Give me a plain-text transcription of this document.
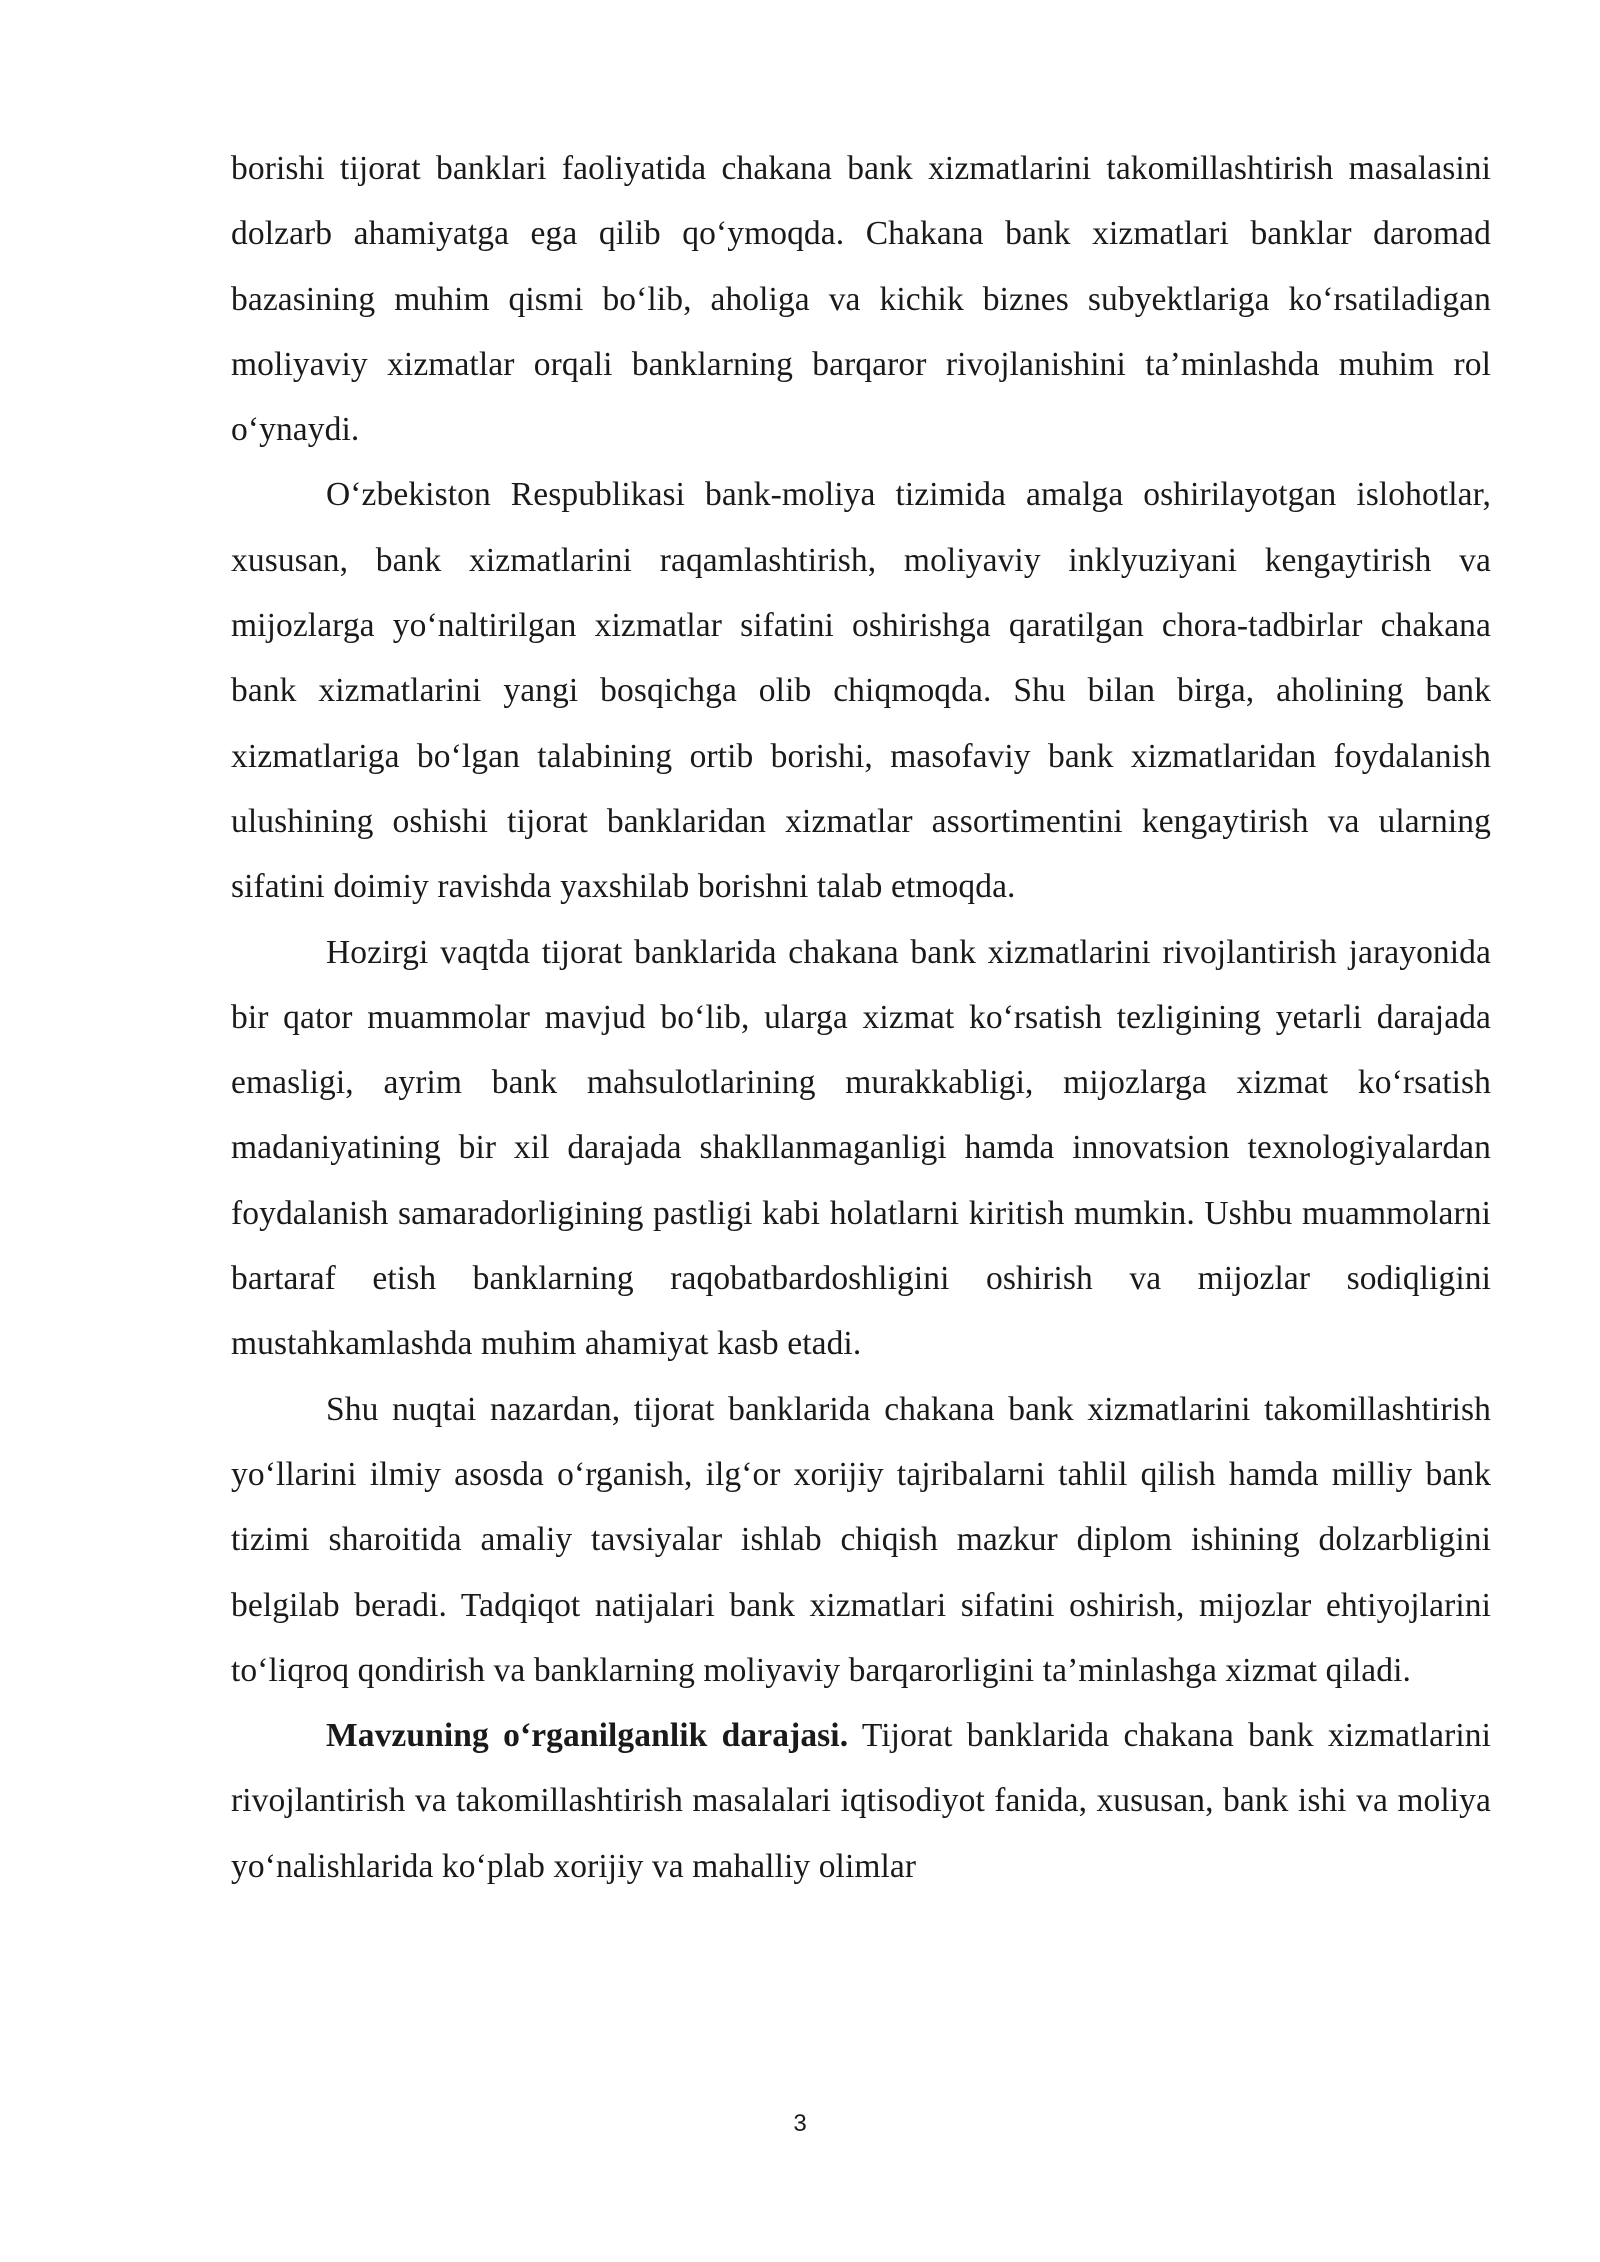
borishi tijorat banklari faoliyatida chakana bank xizmatlarini takomillashtirish masalasini dolzarb ahamiyatga ega qilib qo‘ymoqda. Chakana bank xizmatlari banklar daromad bazasining muhim qismi bo‘lib, aholiga va kichik biznes subyektlariga ko‘rsatiladigan moliyaviy xizmatlar orqali banklarning barqaror rivojlanishini ta’minlashda muhim rol o‘ynaydi.

O‘zbekiston Respublikasi bank-moliya tizimida amalga oshirilayotgan islohotlar, xususan, bank xizmatlarini raqamlashtirish, moliyaviy inklyuziyani kengaytirish va mijozlarga yo‘naltirilgan xizmatlar sifatini oshirishga qaratilgan chora-tadbirlar chakana bank xizmatlarini yangi bosqichga olib chiqmoqda. Shu bilan birga, aholining bank xizmatlariga bo‘lgan talabining ortib borishi, masofaviy bank xizmatlaridan foydalanish ulushining oshishi tijorat banklaridan xizmatlar assortimentini kengaytirish va ularning sifatini doimiy ravishda yaxshilab borishni talab etmoqda.

Hozirgi vaqtda tijorat banklarida chakana bank xizmatlarini rivojlantirish jarayonida bir qator muammolar mavjud bo‘lib, ularga xizmat ko‘rsatish tezligining yetarli darajada emasligi, ayrim bank mahsulotlarining murakkabligi, mijozlarga xizmat ko‘rsatish madaniyatining bir xil darajada shakllanmaganligi hamda innovatsion texnologiyalardan foydalanish samaradorligining pastligi kabi holatlarni kiritish mumkin. Ushbu muammolarni bartaraf etish banklarning raqobatbardoshligini oshirish va mijozlar sodiqligini mustahkamlashda muhim ahamiyat kasb etadi.

Shu nuqtai nazardan, tijorat banklarida chakana bank xizmatlarini takomillashtirish yo‘llarini ilmiy asosda o‘rganish, ilg‘or xorijiy tajribalarni tahlil qilish hamda milliy bank tizimi sharoitida amaliy tavsiyalar ishlab chiqish mazkur diplom ishining dolzarbligini belgilab beradi. Tadqiqot natijalari bank xizmatlari sifatini oshirish, mijozlar ehtiyojlarini to‘liqroq qondirish va banklarning moliyaviy barqarorligini ta’minlashga xizmat qiladi.

Mavzuning o‘rganilganlik darajasi. Tijorat banklarida chakana bank xizmatlarini rivojlantirish va takomillashtirish masalalari iqtisodiyot fanida, xususan, bank ishi va moliya yo‘nalishlarida ko‘plab xorijiy va mahalliy olimlar

3
